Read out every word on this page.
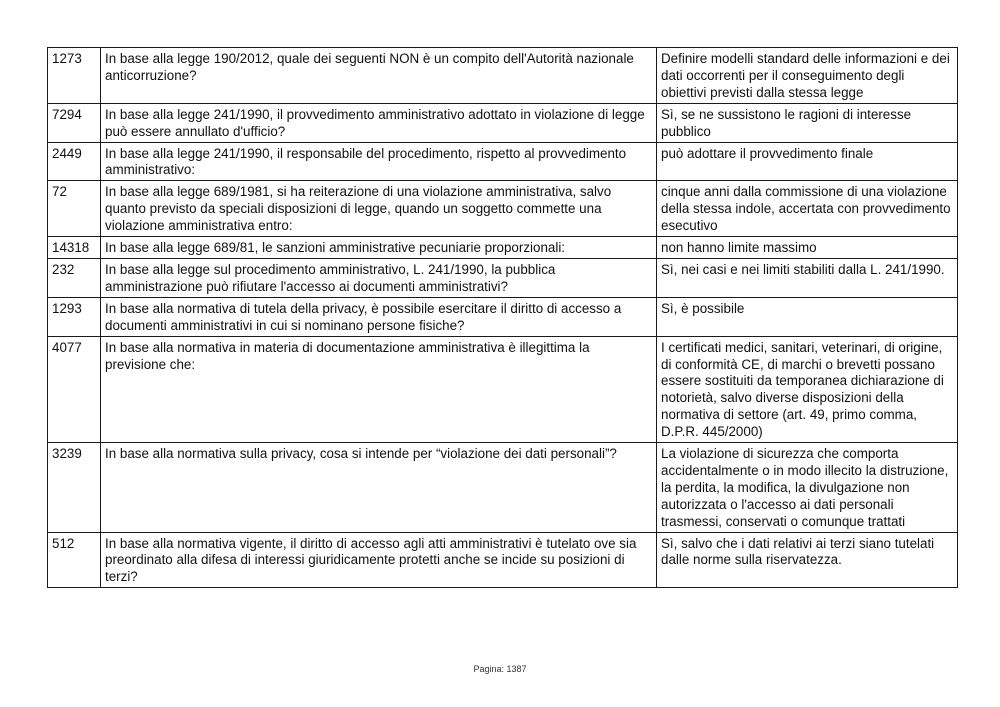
1273	In base alla legge 190/2012, quale dei seguenti NON è un compito dell'Autorità nazionale anticorruzione?	Definire modelli standard delle informazioni e dei dati occorrenti per il conseguimento degli obiettivi previsti dalla stessa legge
7294	In base alla legge 241/1990, il provvedimento amministrativo adottato in violazione di legge può essere annullato d'ufficio?	Sì, se ne sussistono le ragioni di interesse pubblico
2449	In base alla legge 241/1990, il responsabile del procedimento, rispetto al provvedimento amministrativo:	può adottare il provvedimento finale
72	In base alla legge 689/1981, si ha reiterazione di una violazione amministrativa, salvo quanto previsto da speciali disposizioni di legge, quando un soggetto commette una violazione amministrativa entro:	cinque anni dalla commissione di una violazione della stessa indole, accertata con provvedimento esecutivo
14318	In base alla legge 689/81, le sanzioni amministrative pecuniarie proporzionali:	non hanno limite massimo
232	In base alla legge sul procedimento amministrativo, L. 241/1990, la pubblica amministrazione può rifiutare l'accesso ai documenti amministrativi?	Sì, nei casi e nei limiti stabiliti dalla L. 241/1990.
1293	In base alla normativa di tutela della privacy, è possibile esercitare il diritto di accesso a documenti amministrativi in cui si nominano persone fisiche?	Sì, è possibile
4077	In base alla normativa in materia di documentazione amministrativa è illegittima la previsione che:	I certificati medici, sanitari, veterinari, di origine, di conformità CE, di marchi o brevetti possano essere sostituiti da temporanea dichiarazione di notorietà, salvo diverse disposizioni della normativa di settore (art. 49, primo comma, D.P.R. 445/2000)
3239	In base alla normativa sulla privacy, cosa si intende per “violazione dei dati personali”?	La violazione di sicurezza che comporta accidentalmente o in modo illecito la distruzione, la perdita, la modifica, la divulgazione non autorizzata o l'accesso ai dati personali trasmessi, conservati o comunque trattati
512	In base alla normativa vigente, il diritto di accesso agli atti amministrativi è tutelato ove sia preordinato alla difesa di interessi giuridicamente protetti anche se incide su posizioni di terzi?	Sì, salvo che i dati relativi ai terzi siano tutelati dalle norme sulla riservatezza.
Pagina: 1387
